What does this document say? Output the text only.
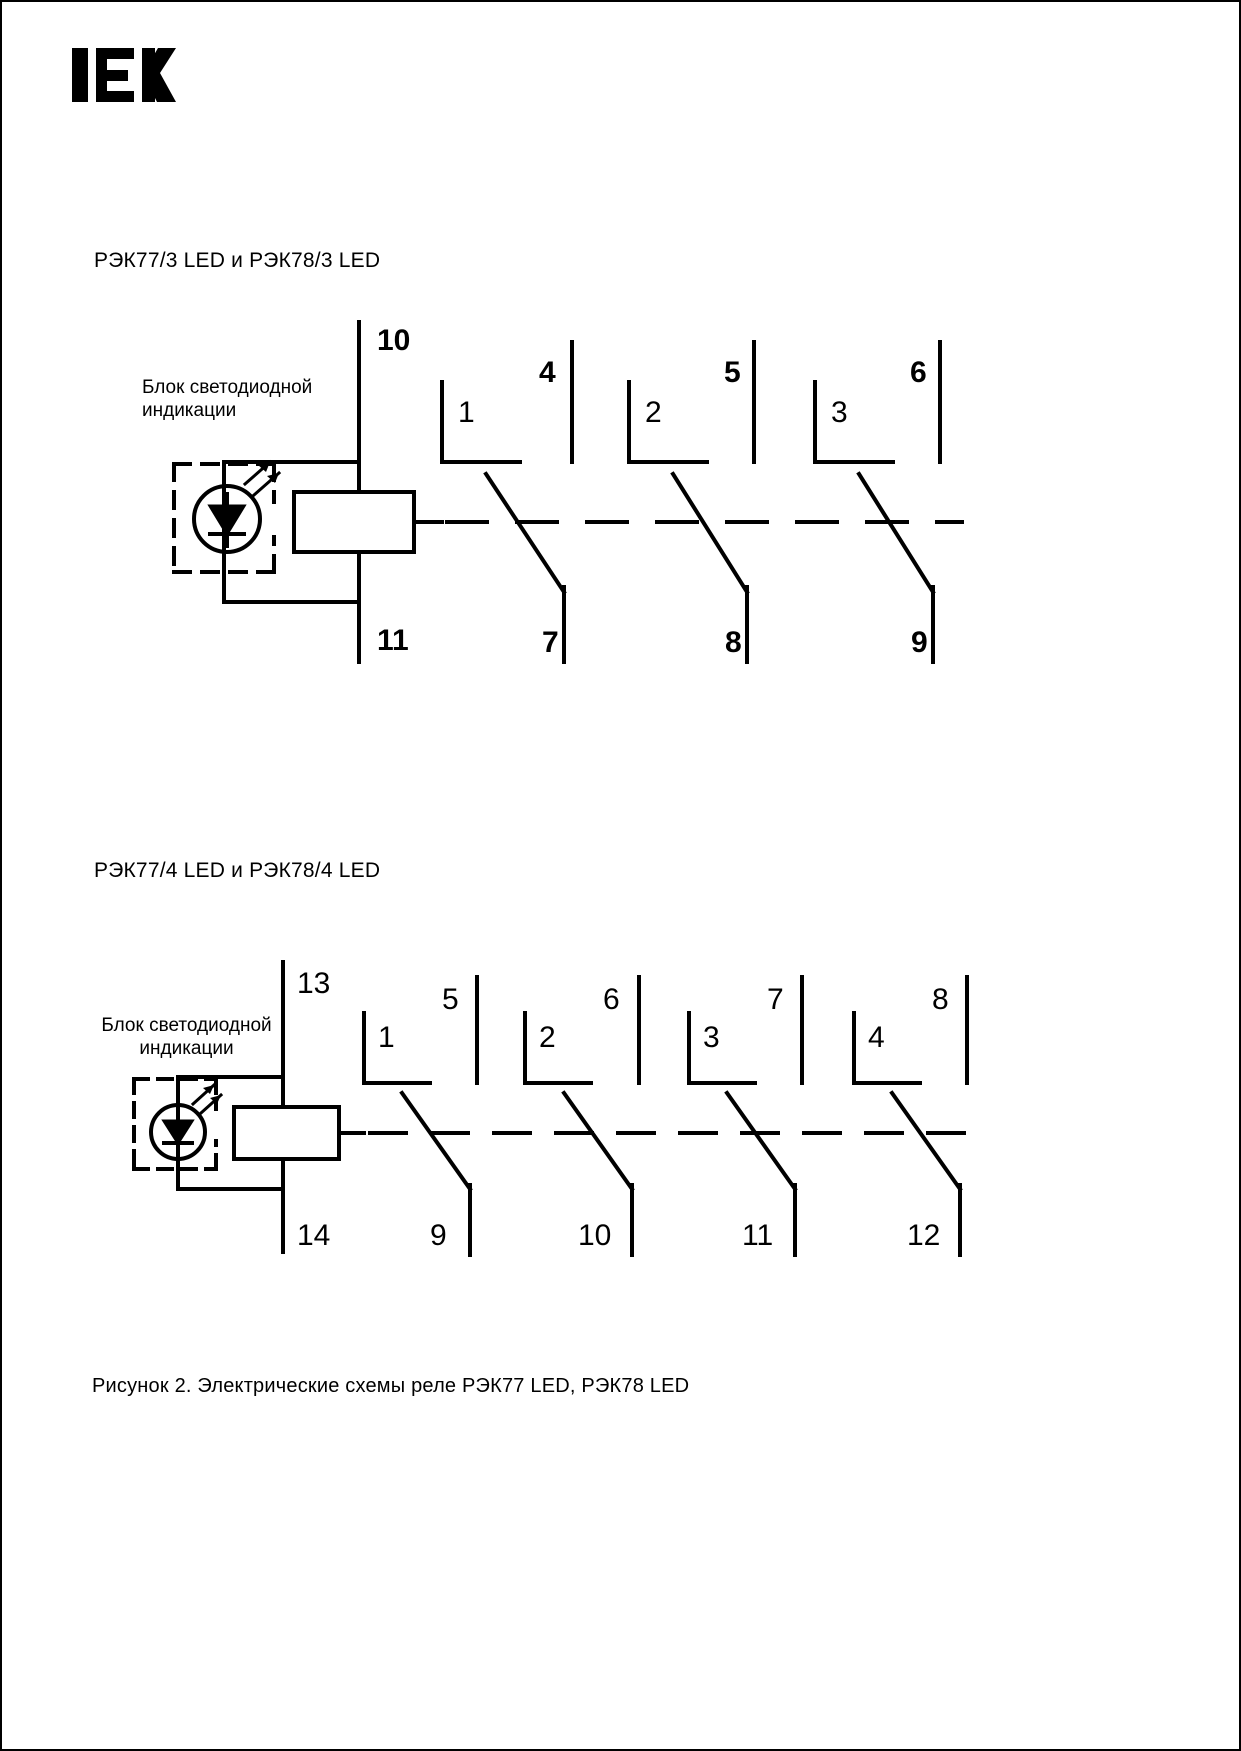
РЭК77/3 LED и РЭК78/3 LED
Блок светодиодной
индикации
10
11
1
4
7
2
5
8
3
6
9
РЭК77/4 LED и РЭК78/4 LED
Блок светодиодной
индикации
13
14
1
5
9
2
6
10
3
7
11
4
8
12
Рисунок 2. Электрические схемы реле РЭК77 LED, РЭК78 LED
